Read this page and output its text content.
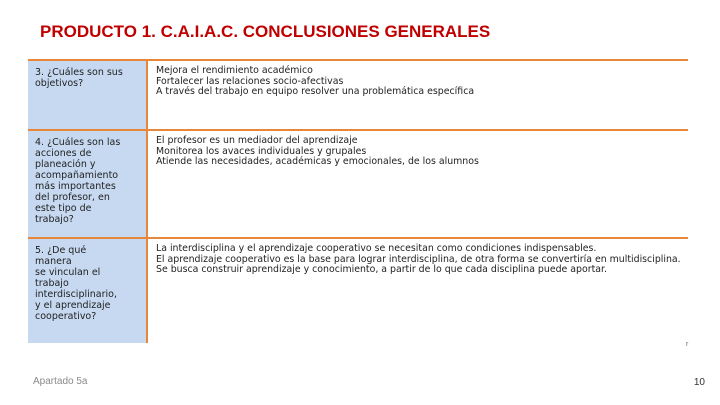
PRODUCTO 1. C.A.I.A.C. CONCLUSIONES GENERALES
3. ¿Cuáles son sus
objetivos?
Mejora el rendimiento académico
Fortalecer las relaciones socio-afectivas
A través del trabajo en equipo resolver una problemática específica
4. ¿Cuáles son las
acciones de
planeación y
acompañamiento
más importantes
del profesor, en
este tipo de
trabajo?
El profesor es un mediador del aprendizaje
Monitorea los avaces individuales y grupales
Atiende las necesidades, académicas y emocionales, de los alumnos
5. ¿De qué
manera
se vinculan el
trabajo
interdisciplinario,
y el aprendizaje
cooperativo?
La interdisciplina y el aprendizaje cooperativo se necesitan como condiciones indispensables.
El aprendizaje cooperativo es la base para lograr interdisciplina, de otra forma se convertiría en multidisciplina.
Se busca construir aprendizaje y conocimiento, a partir de lo que cada disciplina puede aportar.
r
Apartado 5a	10
